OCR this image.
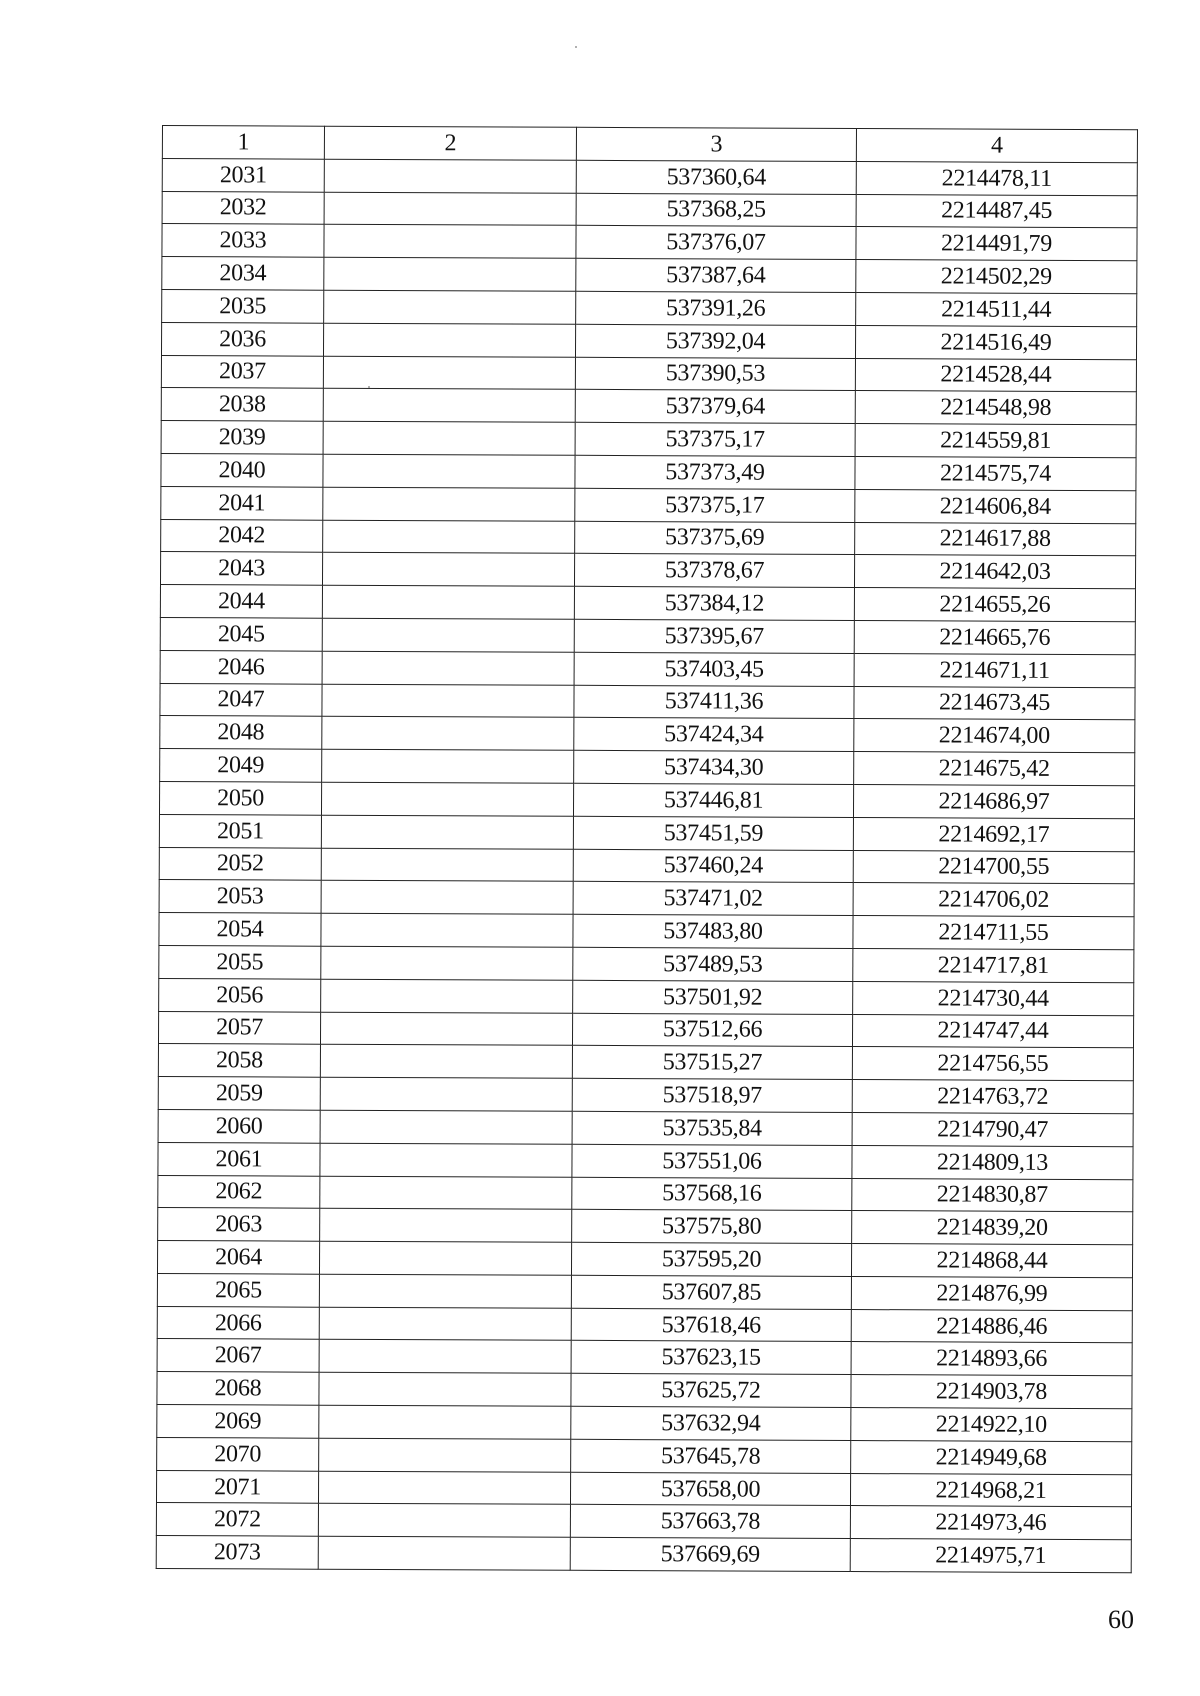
1	2	3	4
2031		537360,64	2214478,11
2032		537368,25	2214487,45
2033		537376,07	2214491,79
2034		537387,64	2214502,29
2035		537391,26	2214511,44
2036		537392,04	2214516,49
2037		537390,53	2214528,44
2038		537379,64	2214548,98
2039		537375,17	2214559,81
2040		537373,49	2214575,74
2041		537375,17	2214606,84
2042		537375,69	2214617,88
2043		537378,67	2214642,03
2044		537384,12	2214655,26
2045		537395,67	2214665,76
2046		537403,45	2214671,11
2047		537411,36	2214673,45
2048		537424,34	2214674,00
2049		537434,30	2214675,42
2050		537446,81	2214686,97
2051		537451,59	2214692,17
2052		537460,24	2214700,55
2053		537471,02	2214706,02
2054		537483,80	2214711,55
2055		537489,53	2214717,81
2056		537501,92	2214730,44
2057		537512,66	2214747,44
2058		537515,27	2214756,55
2059		537518,97	2214763,72
2060		537535,84	2214790,47
2061		537551,06	2214809,13
2062		537568,16	2214830,87
2063		537575,80	2214839,20
2064		537595,20	2214868,44
2065		537607,85	2214876,99
2066		537618,46	2214886,46
2067		537623,15	2214893,66
2068		537625,72	2214903,78
2069		537632,94	2214922,10
2070		537645,78	2214949,68
2071		537658,00	2214968,21
2072		537663,78	2214973,46
2073		537669,69	2214975,71
60
